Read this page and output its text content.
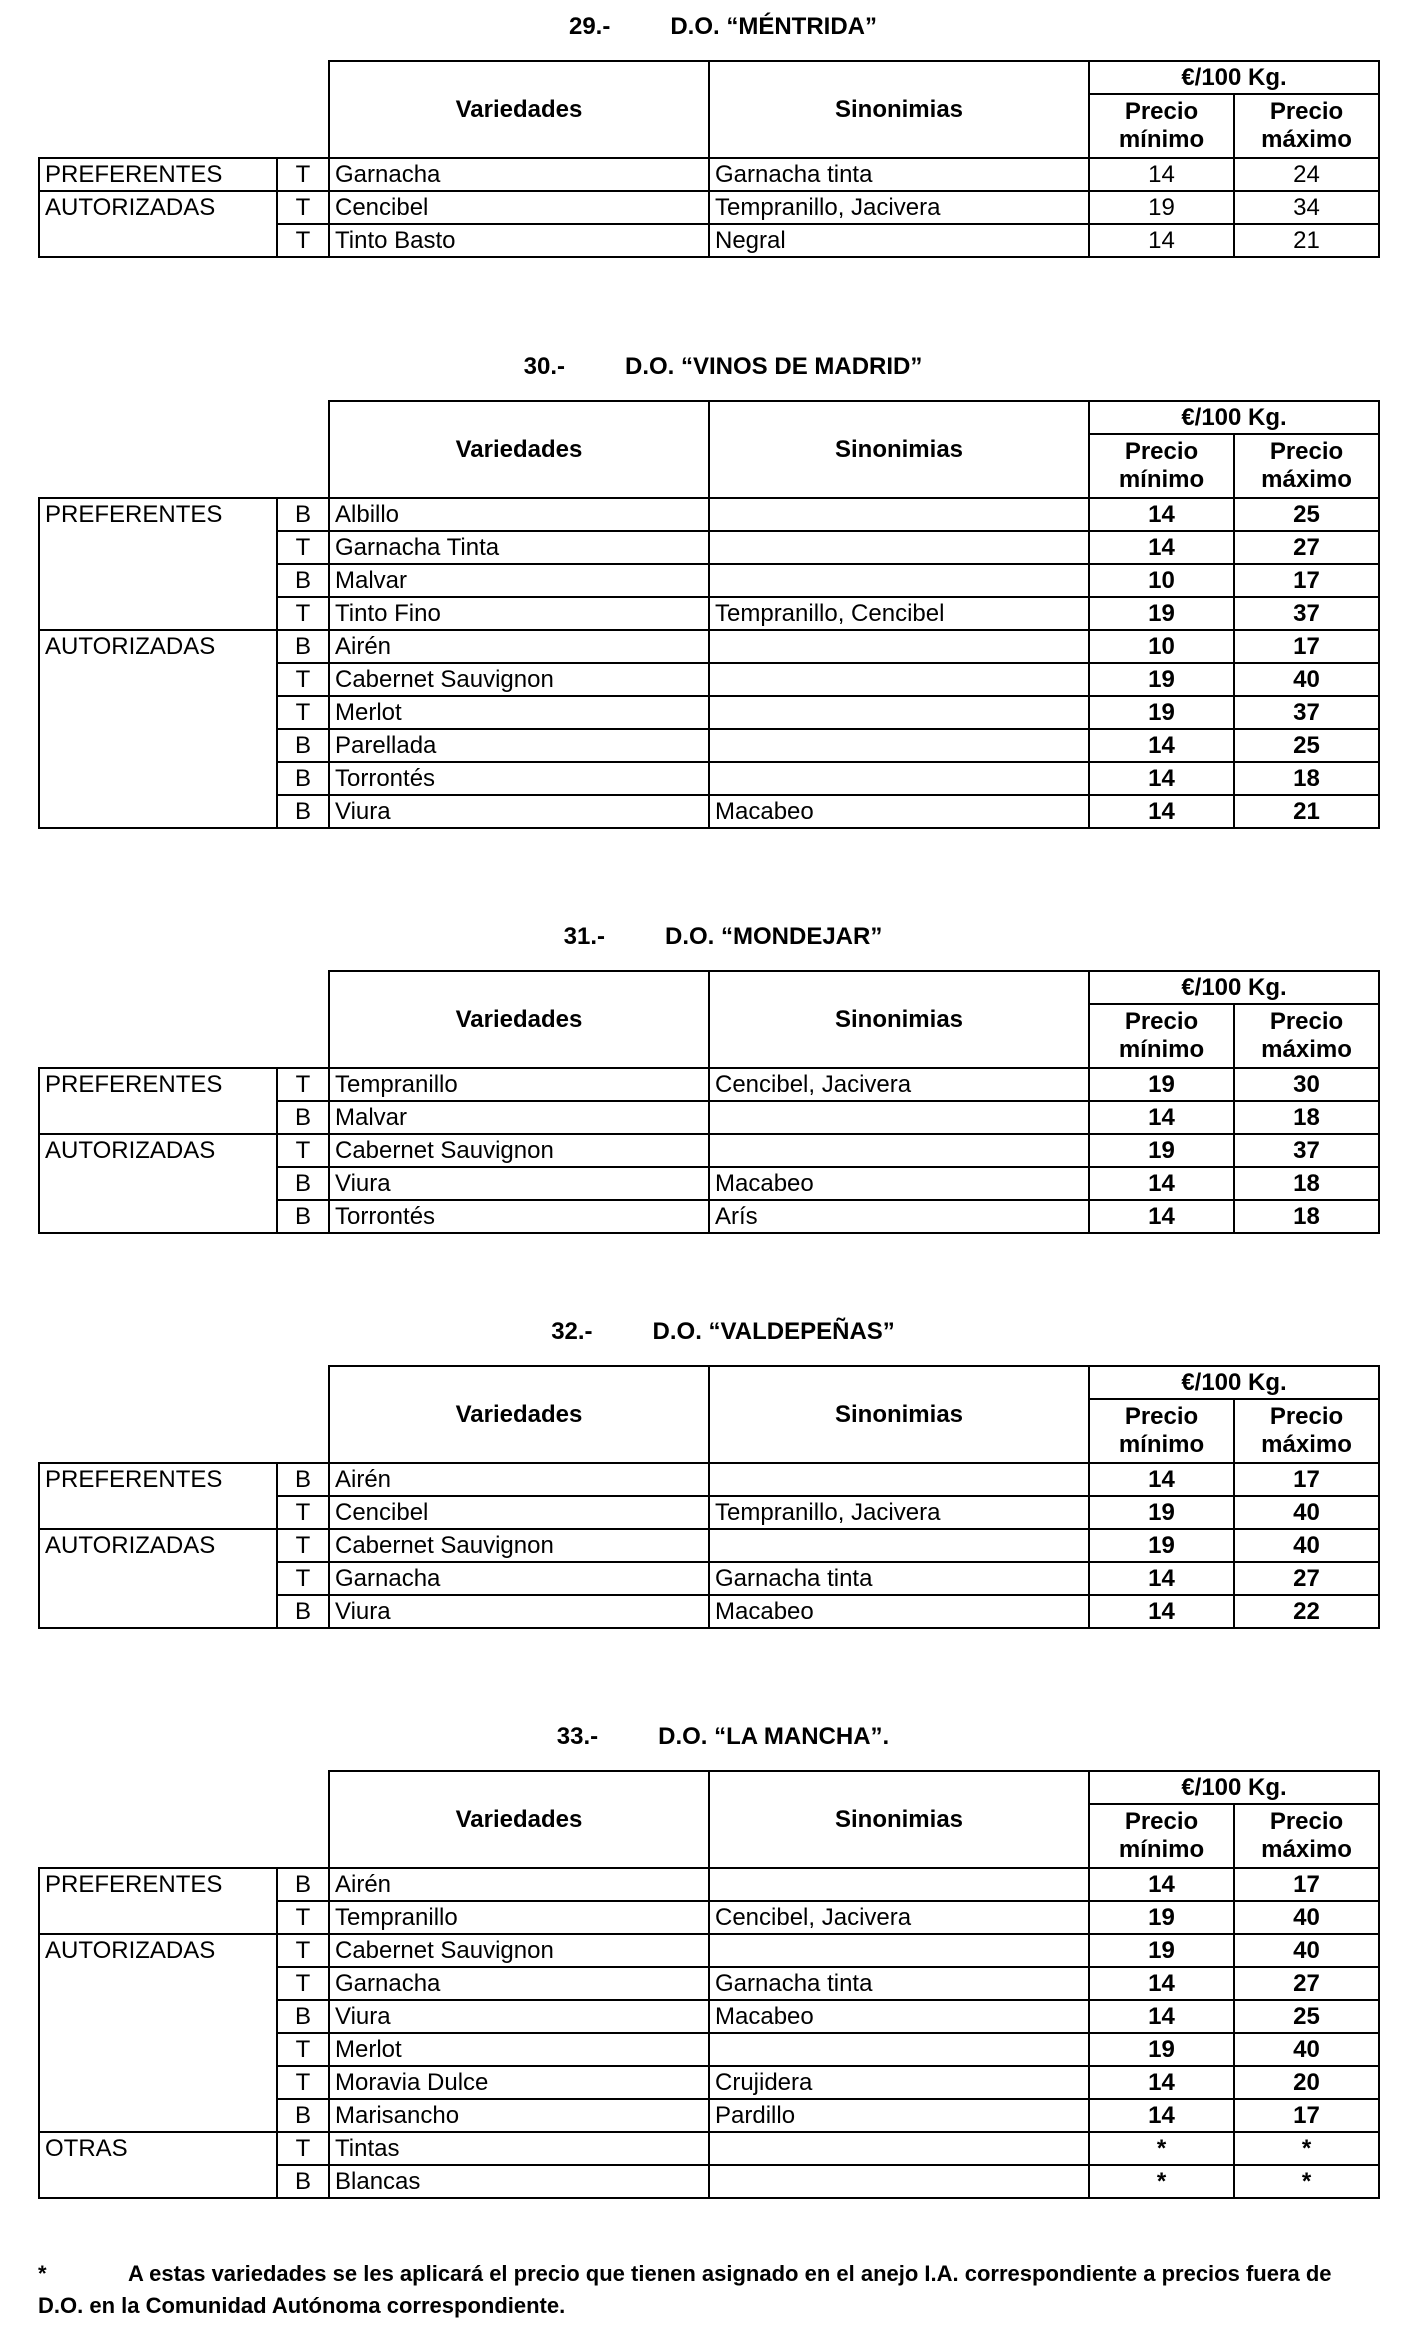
29.-	D.O. “MÉNTRIDA”
		Variedades	Sinonimias	€/100 Kg.	
				Precio mínimo	Precio máximo
PREFERENTES	T	Garnacha	Garnacha tinta	14	24
AUTORIZADAS	T	Cencibel	Tempranillo, Jacivera	19	34
	T	Tinto Basto	Negral	14	21
30.-	D.O. “VINOS DE MADRID”
		Variedades	Sinonimias	€/100 Kg.	
				Precio mínimo	Precio máximo
PREFERENTES	B	Albillo		14	25
	T	Garnacha Tinta		14	27
	B	Malvar		10	17
	T	Tinto Fino	Tempranillo, Cencibel	19	37
AUTORIZADAS	B	Airén		10	17
	T	Cabernet Sauvignon		19	40
	T	Merlot		19	37
	B	Parellada		14	25
	B	Torrontés		14	18
	B	Viura	Macabeo	14	21
31.-	D.O. “MONDEJAR”
		Variedades	Sinonimias	€/100 Kg.	
				Precio mínimo	Precio máximo
PREFERENTES	T	Tempranillo	Cencibel, Jacivera	19	30
	B	Malvar		14	18
AUTORIZADAS	T	Cabernet Sauvignon		19	37
	B	Viura	Macabeo	14	18
	B	Torrontés	Arís	14	18
32.-	D.O. “VALDEPEÑAS”
		Variedades	Sinonimias	€/100 Kg.	
				Precio mínimo	Precio máximo
PREFERENTES	B	Airén		14	17
	T	Cencibel	Tempranillo, Jacivera	19	40
AUTORIZADAS	T	Cabernet Sauvignon		19	40
	T	Garnacha	Garnacha tinta	14	27
	B	Viura	Macabeo	14	22
33.-	D.O. “LA MANCHA”.
		Variedades	Sinonimias	€/100 Kg.	
				Precio mínimo	Precio máximo
PREFERENTES	B	Airén		14	17
	T	Tempranillo	Cencibel, Jacivera	19	40
AUTORIZADAS	T	Cabernet Sauvignon		19	40
	T	Garnacha	Garnacha tinta	14	27
	B	Viura	Macabeo	14	25
	T	Merlot		19	40
	T	Moravia Dulce	Crujidera	14	20
	B	Marisancho	Pardillo	14	17
OTRAS	T	Tintas		*	*
	B	Blancas		*	*
*	A estas variedades se les aplicará el precio que tienen asignado en el anejo I.A. correspondiente a precios fuera de D.O. en la Comunidad Autónoma correspondiente.
